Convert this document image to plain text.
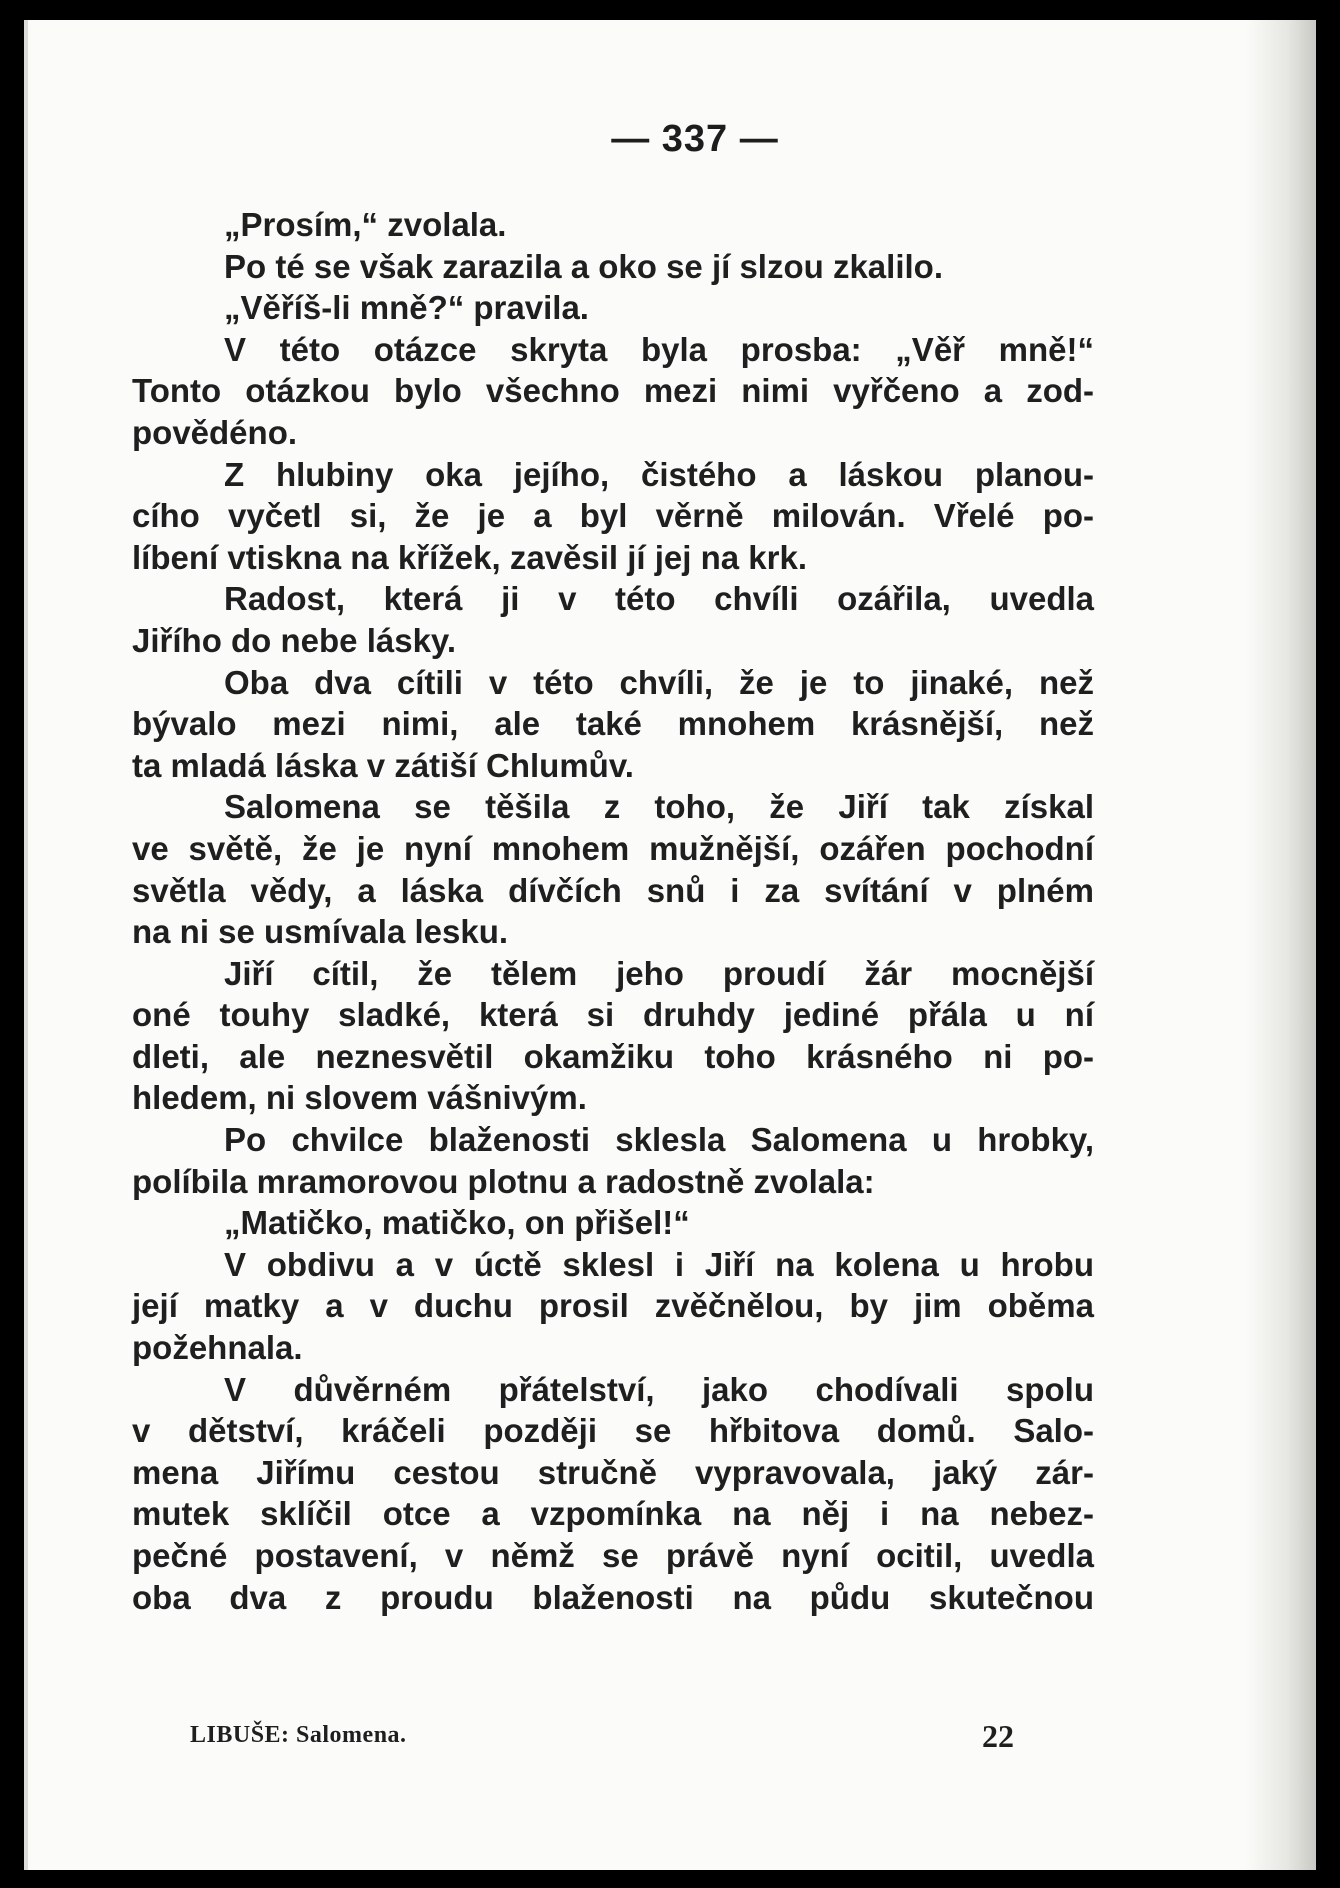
— 337 —
„Prosím,“ zvolala.
Po té se však zarazila a oko se jí slzou zkalilo.
„Věříš-li mně?“ pravila.
V této otázce skryta byla prosba: „Věř mně!“
Tonto otázkou bylo všechno mezi nimi vyřčeno a zod-
povědéno.
Z hlubiny oka jejího, čistého a láskou planou-
cího vyčetl si, že je a byl věrně milován. Vřelé po-
líbení vtiskna na křížek, zavěsil jí jej na krk.
Radost, která ji v této chvíli ozářila, uvedla
Jiřího do nebe lásky.
Oba dva cítili v této chvíli, že je to jinaké, než
bývalo mezi nimi, ale také mnohem krásnější, než
ta mladá láska v zátiší Chlumův.
Salomena se těšila z toho, že Jiří tak získal
ve světě, že je nyní mnohem mužnější, ozářen pochodní
světla vědy, a láska dívčích snů i za svítání v plném
na ni se usmívala lesku.
Jiří cítil, že tělem jeho proudí žár mocnější
oné touhy sladké, která si druhdy jediné přála u ní
dleti, ale neznesvětil okamžiku toho krásného ni po-
hledem, ni slovem vášnivým.
Po chvilce blaženosti sklesla Salomena u hrobky,
políbila mramorovou plotnu a radostně zvolala:
„Matičko, matičko, on přišel!“
V obdivu a v úctě sklesl i Jiří na kolena u hrobu
její matky a v duchu prosil zvěčnělou, by jim oběma
požehnala.
V důvěrném přátelství, jako chodívali spolu
v dětství, kráčeli později se hřbitova domů. Salo-
mena Jiřímu cestou stručně vypravovala, jaký zár-
mutek sklíčil otce a vzpomínka na něj i na nebez-
pečné postavení, v němž se právě nyní ocitil, uvedla
oba dva z proudu blaženosti na půdu skutečnou
LIBUŠE: Salomena.	22
